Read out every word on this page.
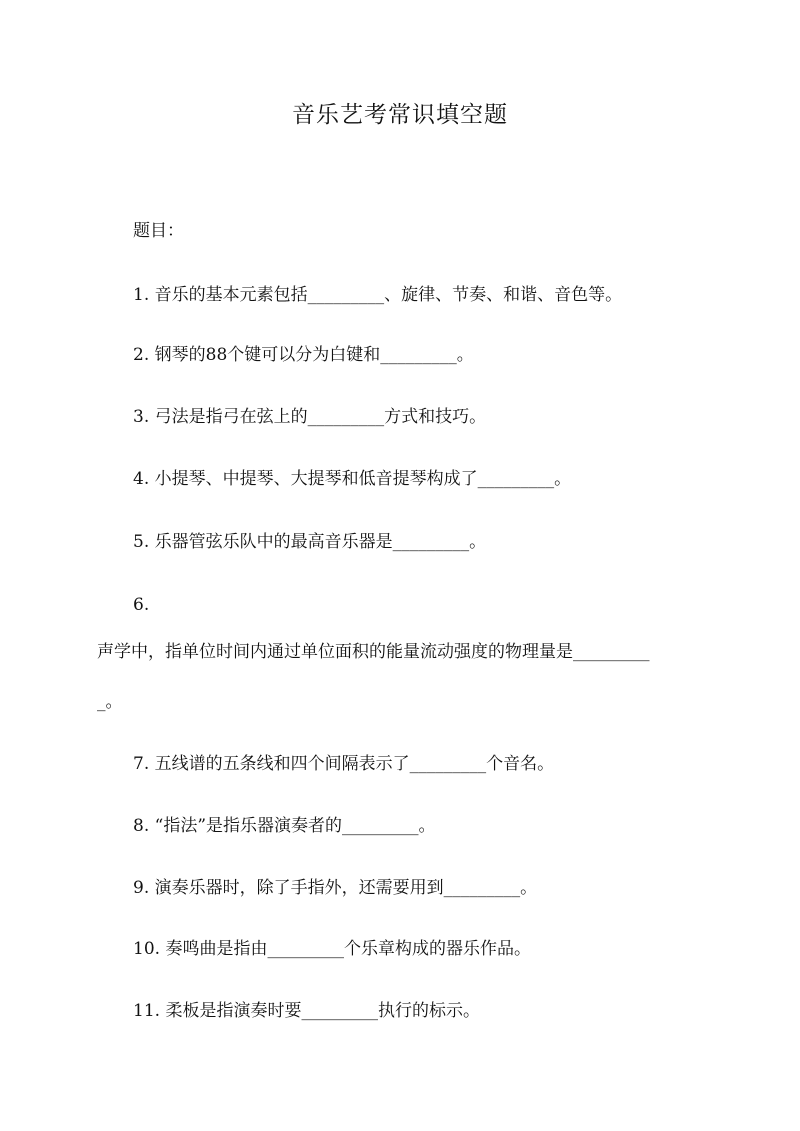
音乐艺考常识填空题
题目：
1. 音乐的基本元素包括_________、旋律、节奏、和谐、音色等。
2. 钢琴的88个键可以分为白键和_________。
3. 弓法是指弓在弦上的_________方式和技巧。
4. 小提琴、中提琴、大提琴和低音提琴构成了_________。
5. 乐器管弦乐队中的最高音乐器是_________。
6.
声学中，指单位时间内通过单位面积的能量流动强度的物理量是_________
_。
7. 五线谱的五条线和四个间隔表示了_________个音名。
8. “指法”是指乐器演奏者的_________。
9. 演奏乐器时，除了手指外，还需要用到_________。
10. 奏鸣曲是指由_________个乐章构成的器乐作品。
11. 柔板是指演奏时要_________执行的标示。
